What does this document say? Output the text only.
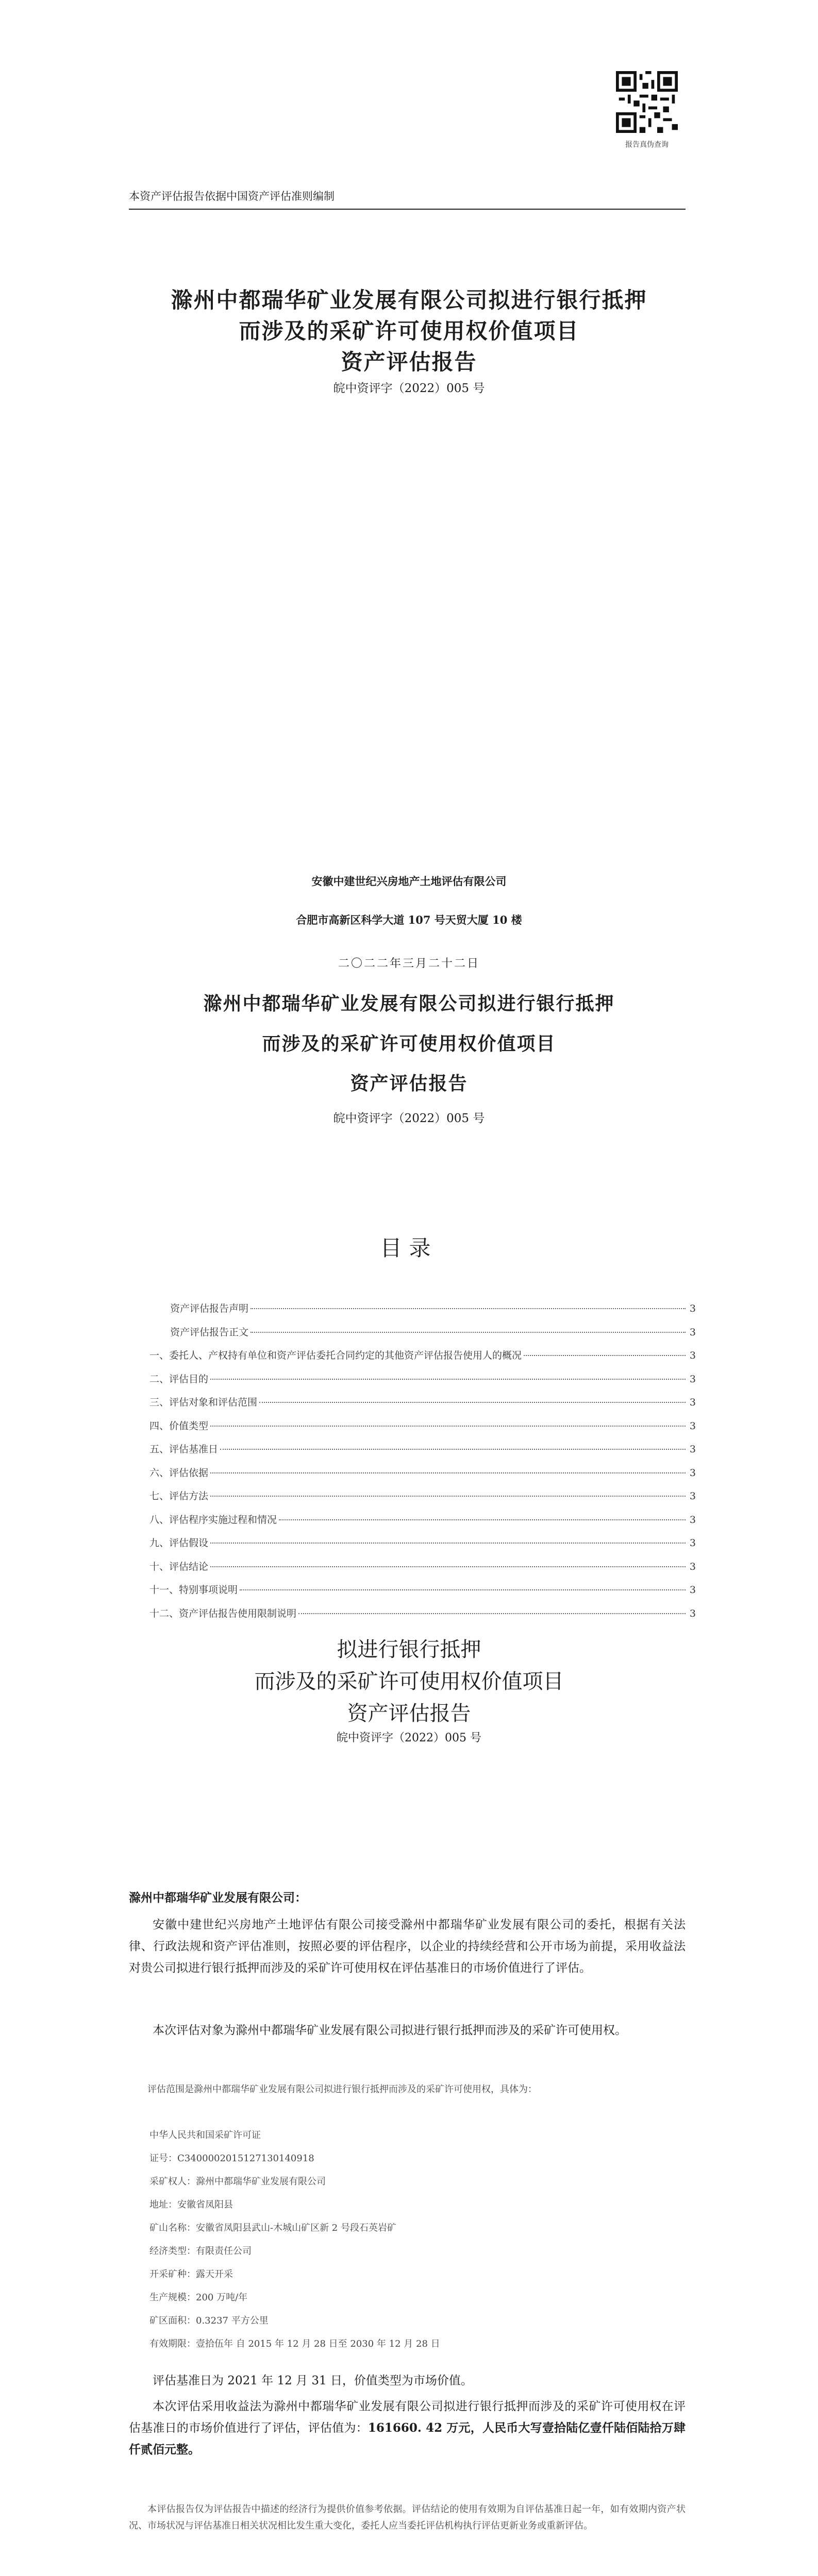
报告真伪查询
本资产评估报告依据中国资产评估准则编制
滁州中都瑞华矿业发展有限公司拟进行银行抵押
而涉及的采矿许可使用权价值项目
资产评估报告
皖中资评字（2022）005 号
安徽中建世纪兴房地产土地评估有限公司
合肥市高新区科学大道 107 号天贸大厦 10 楼
二〇二二年三月二十二日
滁州中都瑞华矿业发展有限公司拟进行银行抵押
而涉及的采矿许可使用权价值项目
资产评估报告
皖中资评字（2022）005 号
目录
资产评估报告声明	3
资产评估报告正文	3
一、委托人、产权持有单位和资产评估委托合同约定的其他资产评估报告使用人的概况	3
二、评估目的	3
三、评估对象和评估范围	3
四、价值类型	3
五、评估基准日	3
六、评估依据	3
七、评估方法	3
八、评估程序实施过程和情况	3
九、评估假设	3
十、评估结论	3
十一、特别事项说明	3
十二、资产评估报告使用限制说明	3
拟进行银行抵押
而涉及的采矿许可使用权价值项目
资产评估报告
皖中资评字（2022）005 号
滁州中都瑞华矿业发展有限公司：
安徽中建世纪兴房地产土地评估有限公司接受滁州中都瑞华矿业发展有限公司的委托，根据有关法律、行政法规和资产评估准则，按照必要的评估程序，以企业的持续经营和公开市场为前提，采用收益法对贵公司拟进行银行抵押而涉及的采矿许可使用权在评估基准日的市场价值进行了评估。
本次评估对象为滁州中都瑞华矿业发展有限公司拟进行银行抵押而涉及的采矿许可使用权。
评估范围是滁州中都瑞华矿业发展有限公司拟进行银行抵押而涉及的采矿许可使用权，具体为：
中华人民共和国采矿许可证
证号：C3400002015127130140918
采矿权人：滁州中都瑞华矿业发展有限公司
地址：安徽省凤阳县
矿山名称：安徽省凤阳县武山-木城山矿区新 2 号段石英岩矿
经济类型：有限责任公司
开采矿种：露天开采
生产规模：200 万吨/年
矿区面积：0.3237 平方公里
有效期限：壹拾伍年 自 2015 年 12 月 28 日至 2030 年 12 月 28 日
评估基准日为 2021 年 12 月 31 日，价值类型为市场价值。
本次评估采用收益法为滁州中都瑞华矿业发展有限公司拟进行银行抵押而涉及的采矿许可使用权在评估基准日的市场价值进行了评估，评估值为：161660. 42 万元，人民币大写壹拾陆亿壹仟陆佰陆拾万肆仟贰佰元整。
本评估报告仅为评估报告中描述的经济行为提供价值参考依据。评估结论的使用有效期为自评估基准日起一年，如有效期内资产状况、市场状况与评估基准日相关状况相比发生重大变化，委托人应当委托评估机构执行评估更新业务或重新评估。
